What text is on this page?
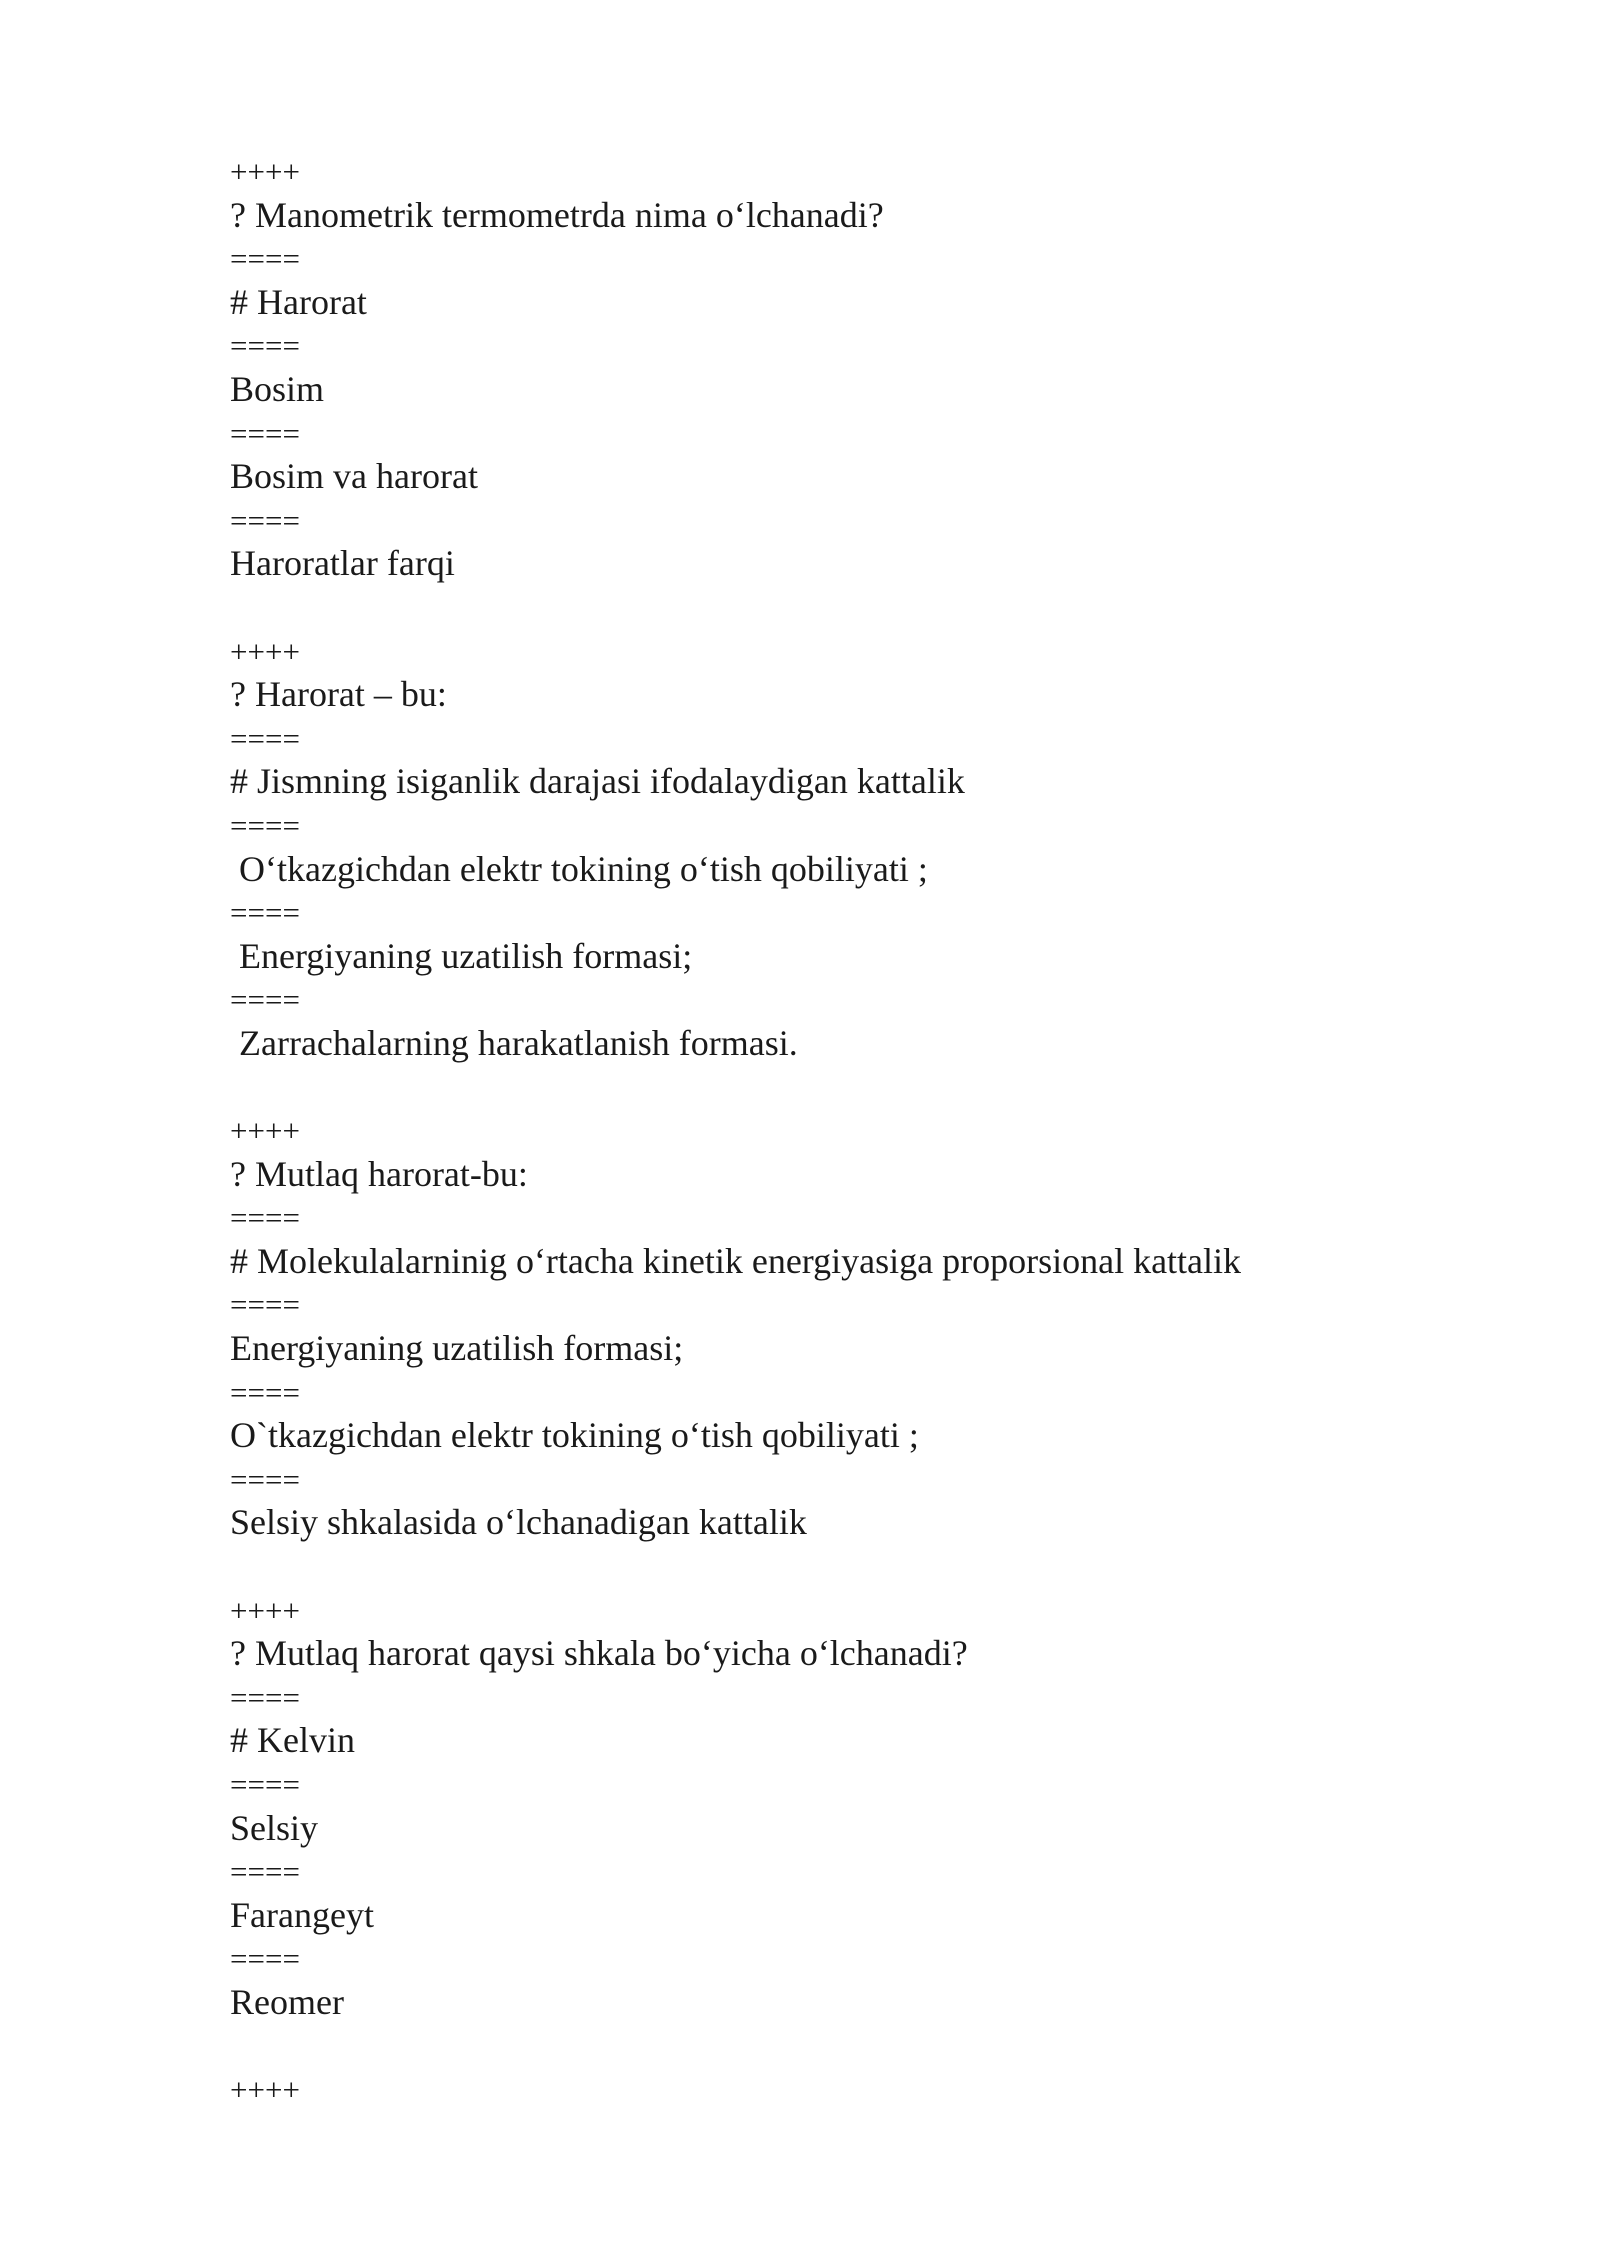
++++
? Manometrik termometrda nima o‘lchanadi?
====
# Harorat
====
Bosim
====
Bosim va harorat
====
Haroratlar farqi
++++
? Harorat – bu:
====
# Jismning isiganlik darajasi ifodalaydigan kattalik
====
O‘tkazgichdan elektr tokining o‘tish qobiliyati ;
====
Energiyaning uzatilish formasi;
====
Zarrachalarning harakatlanish formasi.
++++
? Mutlaq harorat-bu:
====
# Molekulalarninig o‘rtacha kinetik energiyasiga proporsional kattalik
====
Energiyaning uzatilish formasi;
====
O`tkazgichdan elektr tokining o‘tish qobiliyati ;
====
Selsiy shkalasida o‘lchanadigan kattalik
++++
? Mutlaq harorat qaysi shkala bo‘yicha o‘lchanadi?
====
# Kelvin
====
Selsiy
====
Farangeyt
====
Reomer
++++
